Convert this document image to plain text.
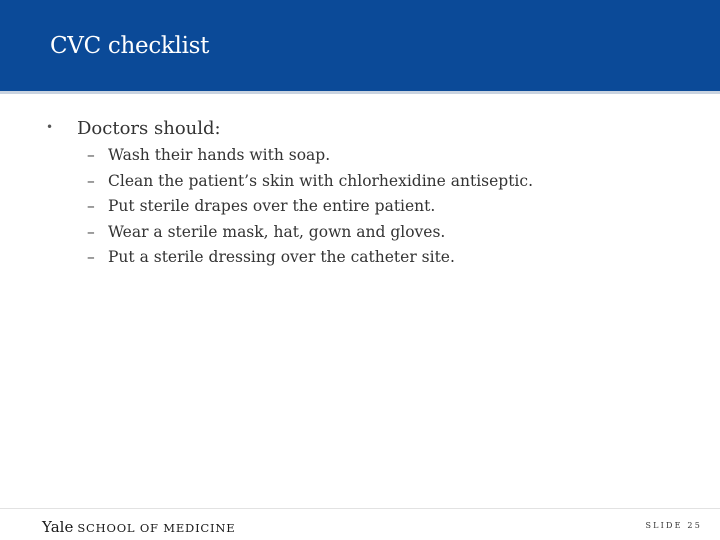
CVC checklist
• Doctors should:
– Wash their hands with soap.
– Clean the patient’s skin with chlorhexidine antiseptic.
– Put sterile drapes over the entire patient.
– Wear a sterile mask, hat, gown and gloves.
– Put a sterile dressing over the catheter site.
Yale SCHOOL OF MEDICINE	SLIDE 25
